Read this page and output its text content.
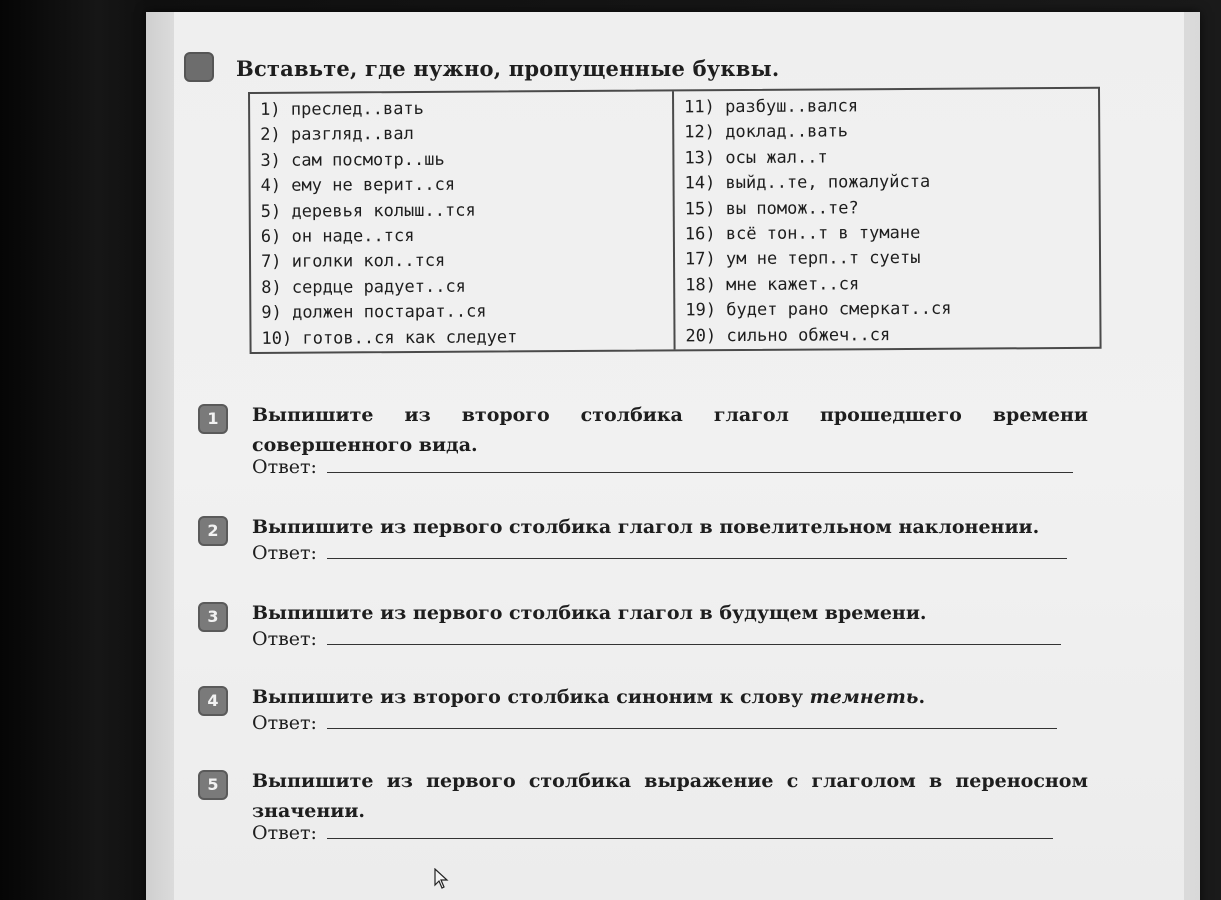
Вставьте, где нужно, пропущенные буквы.
1) преслед..вать
2) разгляд..вал
3) сам посмотр..шь
4) ему не верит..ся
5) деревья колыш..тся
6) он наде..тся
7) иголки кол..тся
8) сердце радует..ся
9) должен постарат..ся
10) готов..ся как следует
11) разбуш..вался
12) доклад..вать
13) осы жал..т
14) выйд..те, пожалуйста
15) вы помож..те?
16) всё тон..т в тумане
17) ум не терп..т суеты
18) мне кажет..ся
19) будет рано смеркат..ся
20) сильно обжеч..ся
1	Выпишите из второго столбика глагол прошедшего времени совершенного вида.
Ответ:
2	Выпишите из первого столбика глагол в повелительном наклонении.
Ответ:
3	Выпишите из первого столбика глагол в будущем времени.
Ответ:
4	Выпишите из второго столбика синоним к слову темнеть.
Ответ:
5	Выпишите из первого столбика выражение с глаголом в переносном значении.
Ответ:
